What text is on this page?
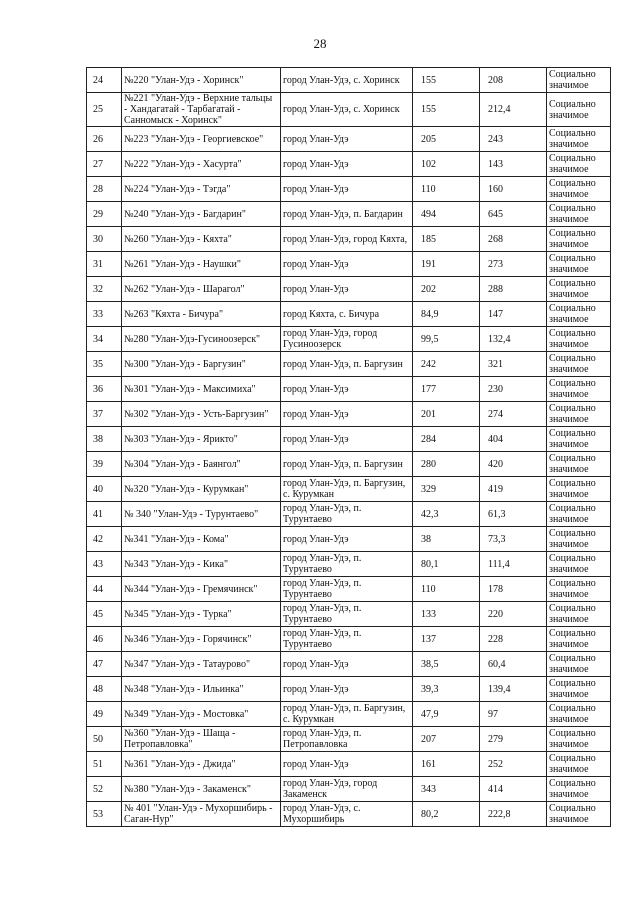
28
24	№220 "Улан-Удэ - Хоринск"	город Улан-Удэ, с. Хоринск	155	208	Социально значимое
25	№221 "Улан-Удэ - Верхние тальцы - Хандагатай - Тарбагатай - Санномыск - Хоринск"	город Улан-Удэ, с. Хоринск	155	212,4	Социально значимое
26	№223 "Улан-Удэ - Георгиевское"	город Улан-Удэ	205	243	Социально значимое
27	№222 "Улан-Удэ - Хасурта"	город Улан-Удэ	102	143	Социально значимое
28	№224 "Улан-Удэ - Тэгда"	город Улан-Удэ	110	160	Социально значимое
29	№240 "Улан-Удэ - Багдарин"	город Улан-Удэ, п. Багдарин	494	645	Социально значимое
30	№260 "Улан-Удэ - Кяхта"	город Улан-Удэ, город Кяхта,	185	268	Социально значимое
31	№261 "Улан-Удэ - Наушки"	город Улан-Удэ	191	273	Социально значимое
32	№262 "Улан-Удэ - Шарагол"	город Улан-Удэ	202	288	Социально значимое
33	№263 "Кяхта - Бичура"	город Кяхта, с. Бичура	84,9	147	Социально значимое
34	№280 "Улан-Удэ-Гусиноозерск"	город Улан-Удэ, город Гусиноозерск	99,5	132,4	Социально значимое
35	№300 "Улан-Удэ - Баргузин"	город Улан-Удэ, п. Баргузин	242	321	Социально значимое
36	№301 "Улан-Удэ - Максимиха"	город Улан-Удэ	177	230	Социально значимое
37	№302 "Улан-Удэ - Усть-Баргузин"	город Улан-Удэ	201	274	Социально значимое
38	№303 "Улан-Удэ - Ярикто"	город Улан-Удэ	284	404	Социально значимое
39	№304 "Улан-Удэ - Баянгол"	город Улан-Удэ, п. Баргузин	280	420	Социально значимое
40	№320 "Улан-Удэ - Курумкан"	город Улан-Удэ, п. Баргузин, с. Курумкан	329	419	Социально значимое
41	№ 340 "Улан-Удэ - Турунтаево"	город Улан-Удэ, п. Турунтаево	42,3	61,3	Социально значимое
42	№341 "Улан-Удэ - Кома"	город Улан-Удэ	38	73,3	Социально значимое
43	№343 "Улан-Удэ - Кика"	город Улан-Удэ, п. Турунтаево	80,1	111,4	Социально значимое
44	№344 "Улан-Удэ - Гремячинск"	город Улан-Удэ, п. Турунтаево	110	178	Социально значимое
45	№345 "Улан-Удэ - Турка"	город Улан-Удэ, п. Турунтаево	133	220	Социально значимое
46	№346 "Улан-Удэ - Горячинск"	город Улан-Удэ, п. Турунтаево	137	228	Социально значимое
47	№347 "Улан-Удэ - Татаурово"	город Улан-Удэ	38,5	60,4	Социально значимое
48	№348 "Улан-Удэ - Ильинка"	город Улан-Удэ	39,3	139,4	Социально значимое
49	№349 "Улан-Удэ - Мостовка"	город Улан-Удэ, п. Баргузин, с. Курумкан	47,9	97	Социально значимое
50	№360 "Улан-Удэ - Шаща - Петропавловка"	город Улан-Удэ, п. Петропавловка	207	279	Социально значимое
51	№361 "Улан-Удэ - Джида"	город Улан-Удэ	161	252	Социально значимое
52	№380 "Улан-Удэ - Закаменск"	город Улан-Удэ, город Закаменск	343	414	Социально значимое
53	№ 401 "Улан-Удэ - Мухоршибирь - Саган-Нур"	город Улан-Удэ, с. Мухоршибирь	80,2	222,8	Социально значимое
